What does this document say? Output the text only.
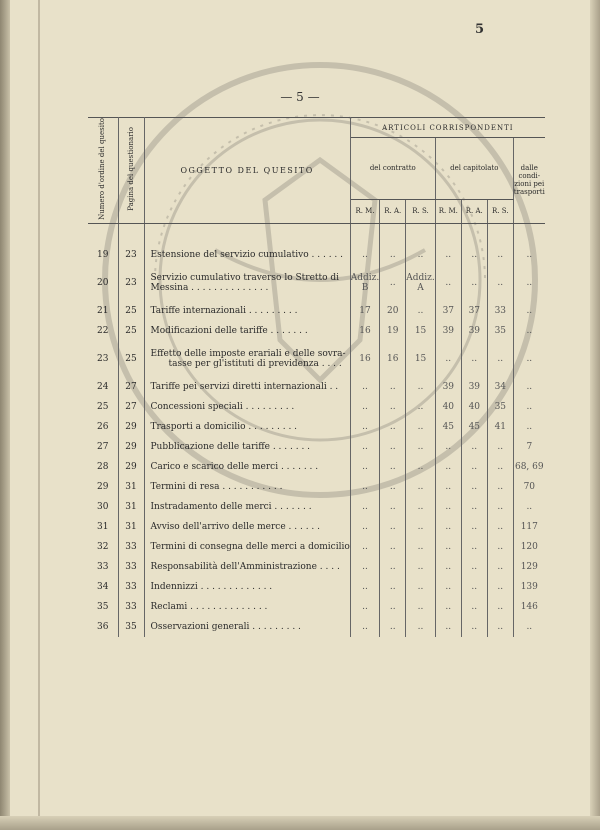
5
— 5 —
Numero d'ordine del quesito	Pagina del questionario	OGGETTO DEL QUESITO	ARTICOLI CORRISPONDENTI						
			del contratto			del capitolato			dalle condi- zioni pei trasporti
			R. M.	R. A.	R. S.	R. M.	R. A.	R. S.	

19	23	Estensione del servizio cumulativo . . . . . .	..	..	..	..	..	..	..
20	23	Servizio cumulativo traverso lo Stretto di
Messina . . . . . . . . . . . . . .	Addiz. B	..	Addiz. A	..	..	..	..
21	25	Tariffe internazionali . . . . . . . . .	17	20	..	37	37	33	..
22	25	Modificazioni delle tariffe . . . . . . .	16	19	15	39	39	35	..
23	25	Effetto delle imposte erariali e delle sovra-
tasse per gl'istituti di previdenza . . . .	16	16	15	..	..	..	..
24	27	Tariffe pei servizi diretti internazionali . .	..	..	..	39	39	34	..
25	27	Concessioni speciali . . . . . . . . .	..	..	..	40	40	35	..
26	29	Trasporti a domicilio . . . . . . . . .	..	..	..	45	45	41	..
27	29	Pubblicazione delle tariffe . . . . . . .	..	..	..	..	..	..	7
28	29	Carico e scarico delle merci . . . . . . .	..	..	..	..	..	..	68, 69
29	31	Termini di resa . . . . . . . . . . .	..	..	..	..	..	..	70
30	31	Instradamento delle merci . . . . . . .	..	..	..	..	..	..	..
31	31	Avviso dell'arrivo delle merce . . . . . .	..	..	..	..	..	..	117
32	33	Termini di consegna delle merci a domicilio	..	..	..	..	..	..	120
33	33	Responsabilità dell'Amministrazione . . . .	..	..	..	..	..	..	129
34	33	Indennizzi . . . . . . . . . . . . .	..	..	..	..	..	..	139
35	33	Reclami . . . . . . . . . . . . . .	..	..	..	..	..	..	146
36	35	Osservazioni generali . . . . . . . . .	..	..	..	..	..	..	..
